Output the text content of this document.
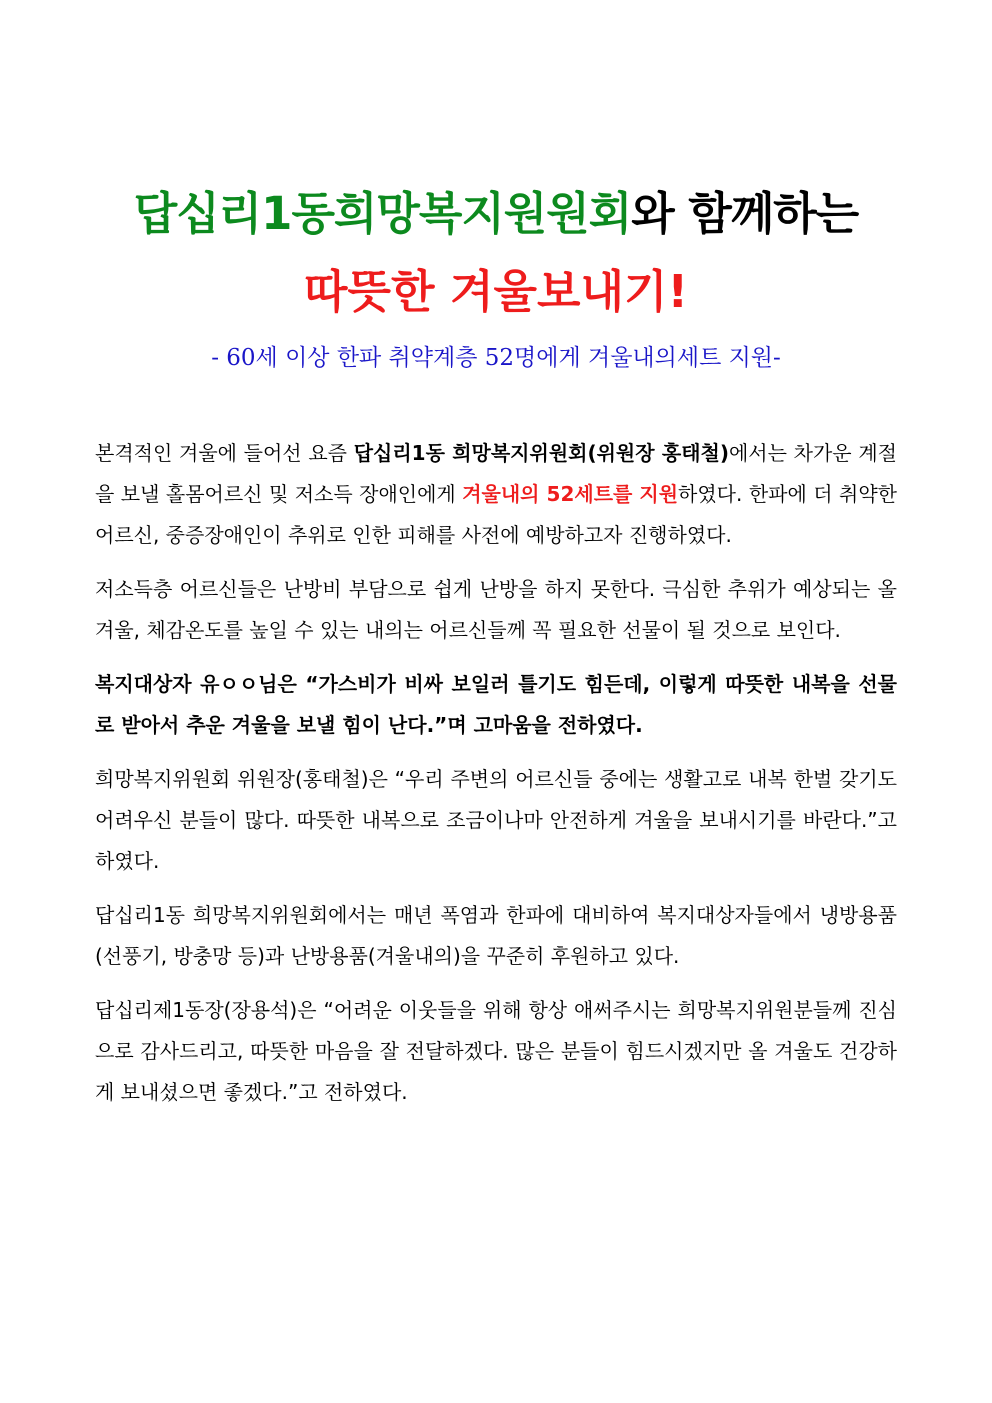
답십리1동희망복지원원회와 함께하는
따뜻한 겨울보내기!
- 60세 이상 한파 취약계층 52명에게 겨울내의세트 지원-

본격적인 겨울에 들어선 요즘 답십리1동 희망복지위원회(위원장 홍태철)에서는 차가운 계절을 보낼 홀몸어르신 및 저소득 장애인에게 겨울내의 52세트를 지원하였다. 한파에 더 취약한 어르신, 중증장애인이 추위로 인한 피해를 사전에 예방하고자 진행하였다.

저소득층 어르신들은 난방비 부담으로 쉽게 난방을 하지 못한다. 극심한 추위가 예상되는 올 겨울, 체감온도를 높일 수 있는 내의는 어르신들께 꼭 필요한 선물이 될 것으로 보인다.

복지대상자 유ㅇㅇ님은 “가스비가 비싸 보일러 틀기도 힘든데, 이렇게 따뜻한 내복을 선물로 받아서 추운 겨울을 보낼 힘이 난다.”며 고마움을 전하였다.

희망복지위원회 위원장(홍태철)은 “우리 주변의 어르신들 중에는 생활고로 내복 한벌 갖기도 어려우신 분들이 많다. 따뜻한 내복으로 조금이나마 안전하게 겨울을 보내시기를 바란다.”고 하였다.

답십리1동 희망복지위원회에서는 매년 폭염과 한파에 대비하여 복지대상자들에서 냉방용품(선풍기, 방충망 등)과 난방용품(겨울내의)을 꾸준히 후원하고 있다.

답십리제1동장(장용석)은 “어려운 이웃들을 위해 항상 애써주시는 희망복지위원분들께 진심으로 감사드리고, 따뜻한 마음을 잘 전달하겠다. 많은 분들이 힘드시겠지만 올 겨울도 건강하게 보내셨으면 좋겠다.”고 전하였다.
